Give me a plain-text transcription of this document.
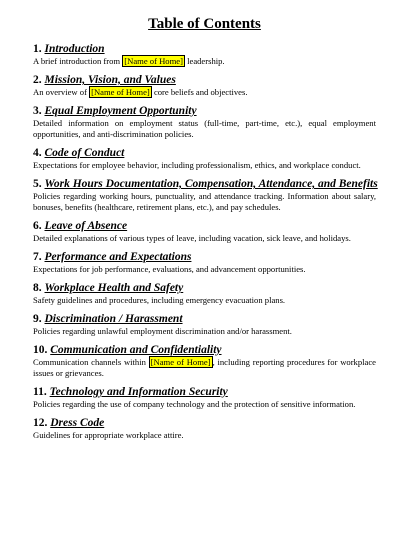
Table of Contents
1. Introduction
A brief introduction from [Name of Home] leadership.
2. Mission, Vision, and Values
An overview of [Name of Home] core beliefs and objectives.
3. Equal Employment Opportunity
Detailed information on employment status (full-time, part-time, etc.), equal employment opportunities, and anti-discrimination policies.
4. Code of Conduct
Expectations for employee behavior, including professionalism, ethics, and workplace conduct.
5. Work Hours Documentation, Compensation, Attendance, and Benefits
Policies regarding working hours, punctuality, and attendance tracking. Information about salary, bonuses, benefits (healthcare, retirement plans, etc.), and pay schedules.
6. Leave of Absence
Detailed explanations of various types of leave, including vacation, sick leave, and holidays.
7. Performance and Expectations
Expectations for job performance, evaluations, and advancement opportunities.
8. Workplace Health and Safety
Safety guidelines and procedures, including emergency evacuation plans.
9. Discrimination / Harassment
Policies regarding unlawful employment discrimination and/or harassment.
10. Communication and Confidentiality
Communication channels within [Name of Home] , including reporting procedures for workplace issues or grievances.
11. Technology and Information Security
Policies regarding the use of company technology and the protection of sensitive information.
12. Dress Code
Guidelines for appropriate workplace attire.
